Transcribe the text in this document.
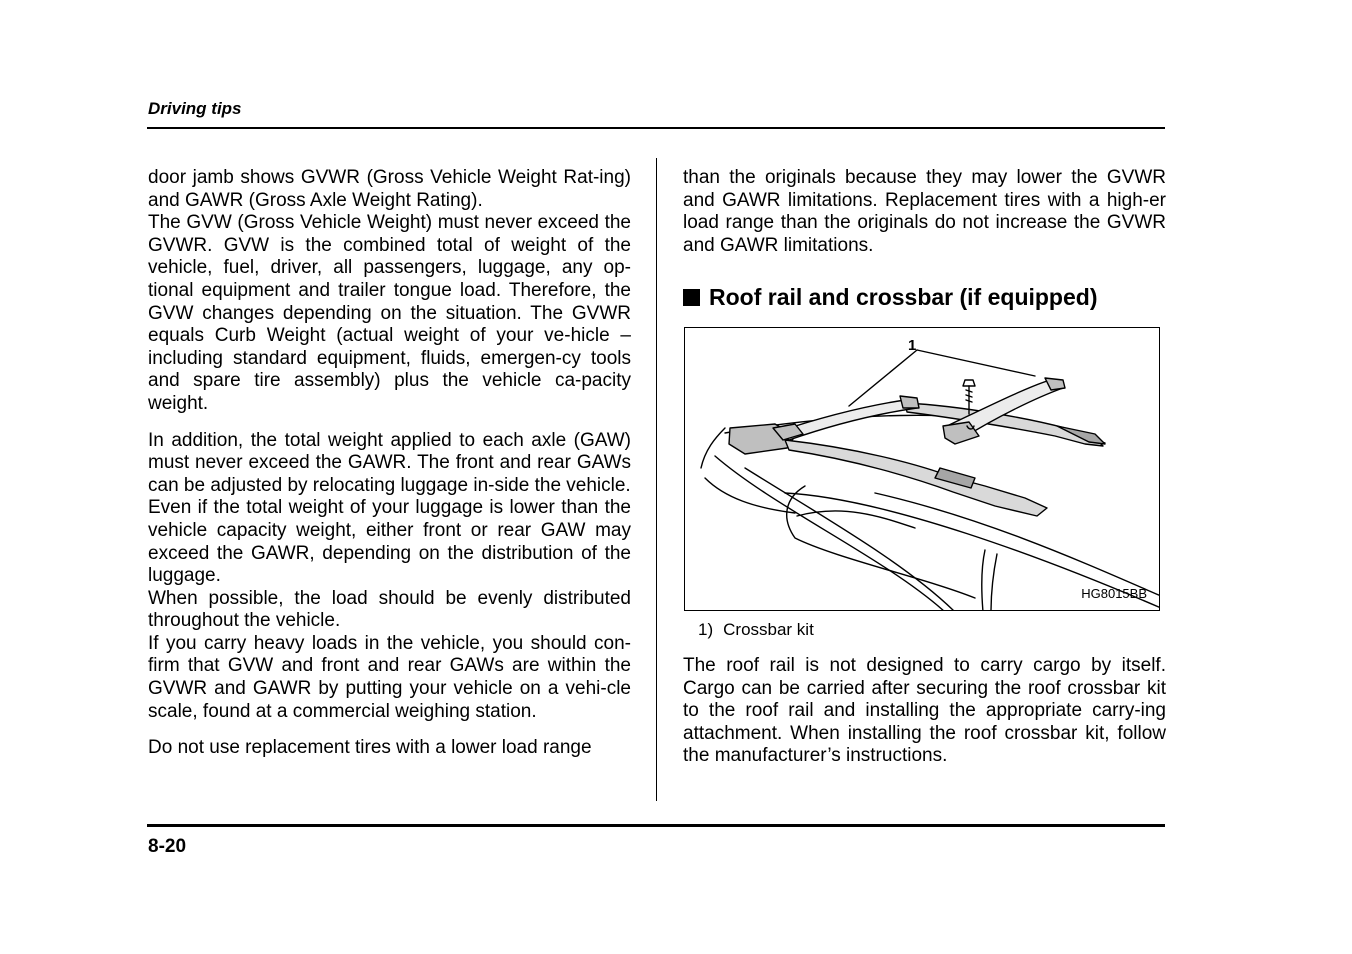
Driving tips

door jamb shows GVWR (Gross Vehicle Weight Rat-ing) and GAWR (Gross Axle Weight Rating).

The GVW (Gross Vehicle Weight) must never exceed the GVWR. GVW is the combined total of weight of the vehicle, fuel, driver, all passengers, luggage, any op-tional equipment and trailer tongue load. Therefore, the GVW changes depending on the situation. The GVWR equals Curb Weight (actual weight of your ve-hicle – including standard equipment, fluids, emergen-cy tools and spare tire assembly) plus the vehicle ca-pacity weight.

In addition, the total weight applied to each axle (GAW) must never exceed the GAWR. The front and rear GAWs can be adjusted by relocating luggage in-side the vehicle.

Even if the total weight of your luggage is lower than the vehicle capacity weight, either front or rear GAW may exceed the GAWR, depending on the distribution of the luggage.

When possible, the load should be evenly distributed throughout the vehicle.

If you carry heavy loads in the vehicle, you should con-firm that GVW and front and rear GAWs are within the GVWR and GAWR by putting your vehicle on a vehi-cle scale, found at a commercial weighing station.

Do not use replacement tires with a lower load range

than the originals because they may lower the GVWR and GAWR limitations. Replacement tires with a high-er load range than the originals do not increase the GVWR and GAWR limitations.

Roof rail and crossbar (if equipped)
1
HG8015BB
1) Crossbar kit

The roof rail is not designed to carry cargo by itself. Cargo can be carried after securing the roof crossbar kit to the roof rail and installing the appropriate carry-ing attachment. When installing the roof crossbar kit, follow the manufacturer’s instructions.

8-20
